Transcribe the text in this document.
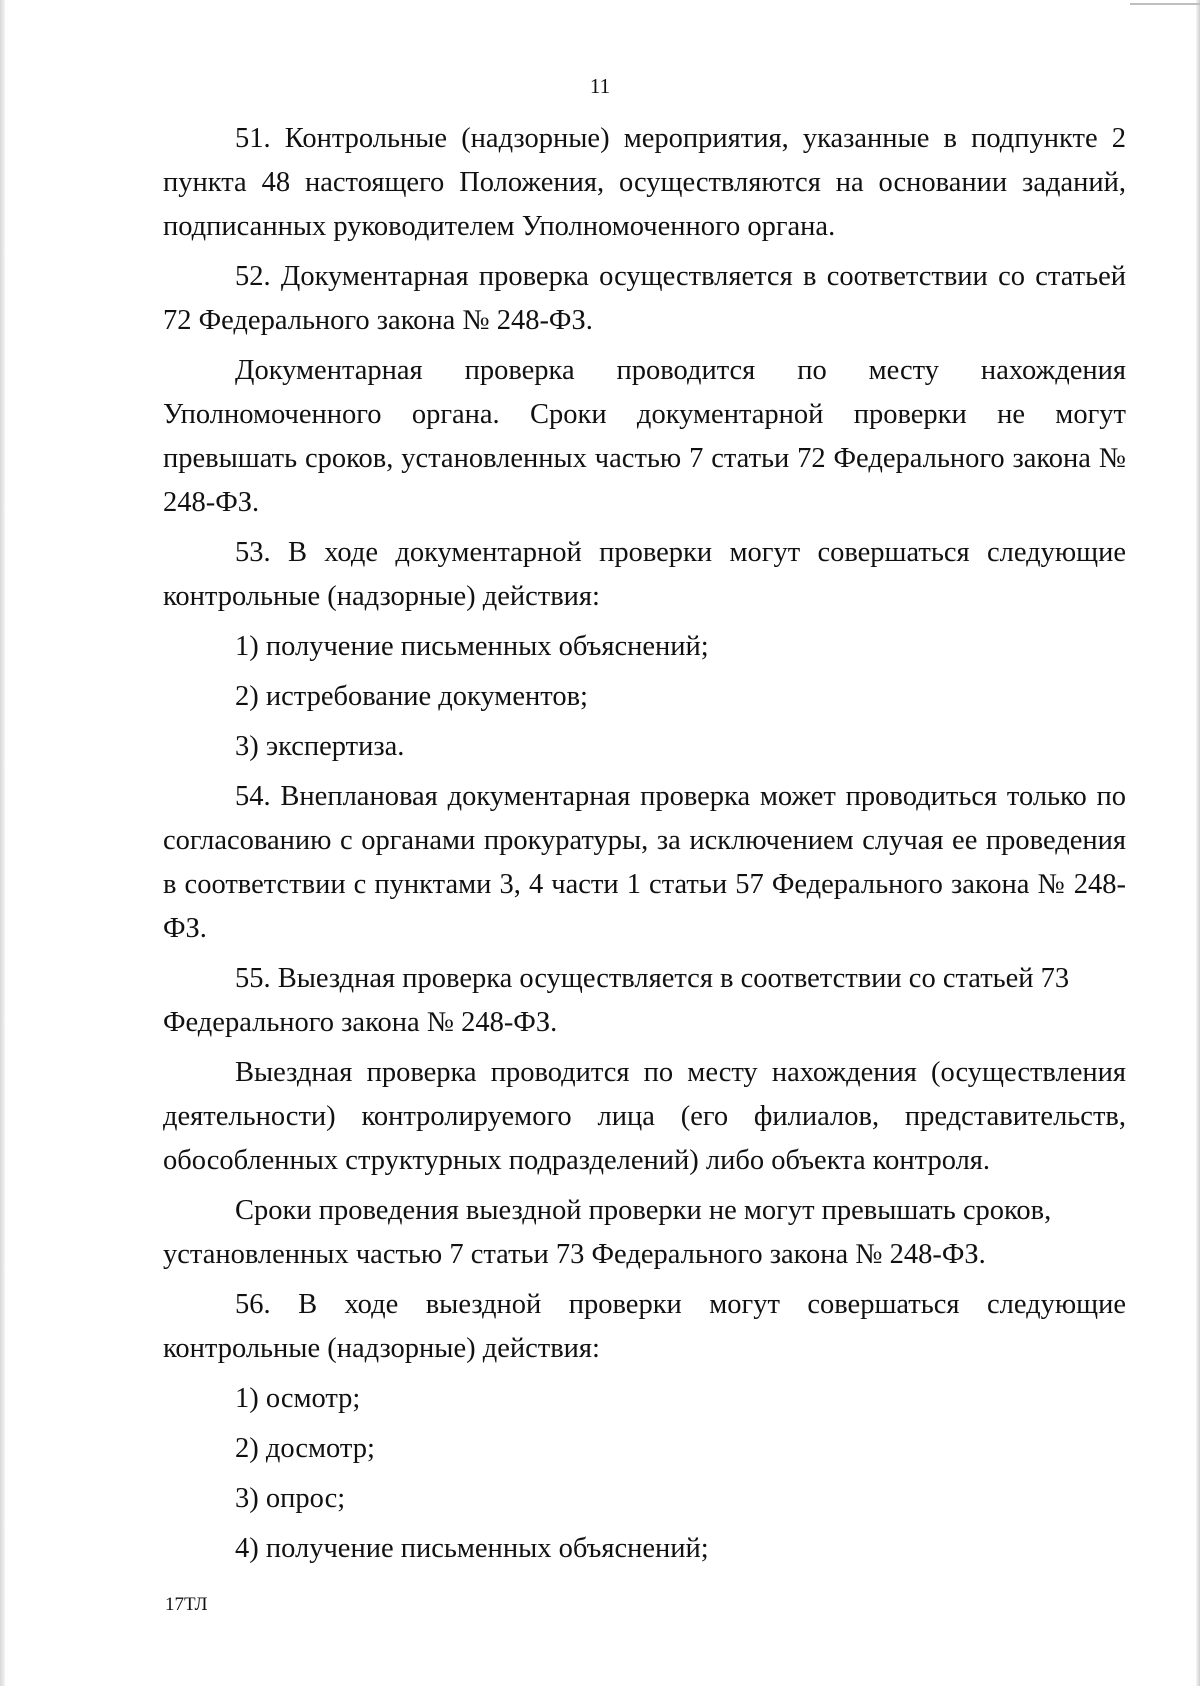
11

51. Контрольные (надзорные) мероприятия, указанные в подпункте 2 пункта 48 настоящего Положения, осуществляются на основании заданий, подписанных руководителем Уполномоченного органа.

52. Документарная проверка осуществляется в соответствии со статьей 72 Федерального закона № 248-ФЗ.

Документарная проверка проводится по месту нахождения Уполномоченного органа. Сроки документарной проверки не могут превышать сроков, установленных частью 7 статьи 72 Федерального закона № 248-ФЗ.

53. В ходе документарной проверки могут совершаться следующие контрольные (надзорные) действия:

1) получение письменных объяснений;

2) истребование документов;

3) экспертиза.

54. Внеплановая документарная проверка может проводиться только по согласованию с органами прокуратуры, за исключением случая ее проведения в соответствии с пунктами 3, 4 части 1 статьи 57 Федерального закона № 248-ФЗ.

55. Выездная проверка осуществляется в соответствии со статьей 73 Федерального закона № 248-ФЗ.

Выездная проверка проводится по месту нахождения (осуществления деятельности) контролируемого лица (его филиалов, представительств, обособленных структурных подразделений) либо объекта контроля.

Сроки проведения выездной проверки не могут превышать сроков, установленных частью 7 статьи 73 Федерального закона № 248-ФЗ.

56. В ходе выездной проверки могут совершаться следующие контрольные (надзорные) действия:

1) осмотр;

2) досмотр;

3) опрос;

4) получение письменных объяснений;

17ТЛ
